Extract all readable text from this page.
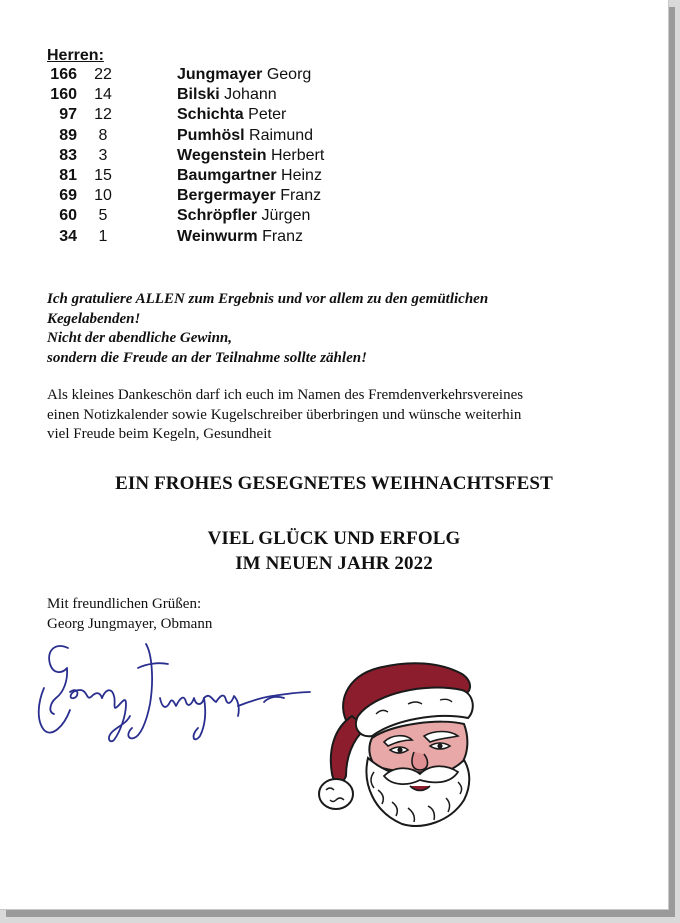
Herren:
166	22	Jungmayer Georg
160	14	Bilski Johann
97	12	Schichta Peter
89	8	Pumhösl Raimund
83	3	Wegenstein Herbert
81	15	Baumgartner Heinz
69	10	Bergermayer Franz
60	5	Schröpfler Jürgen
34	1	Weinwurm Franz
Ich gratuliere ALLEN zum Ergebnis und vor allem zu den gemütlichen
Kegelabenden!
Nicht der abendliche Gewinn,
sondern die Freude an der Teilnahme sollte zählen!
Als kleines Dankeschön darf ich euch im Namen des Fremdenverkehrsvereines
einen Notizkalender sowie Kugelschreiber überbringen und wünsche weiterhin
viel Freude beim Kegeln, Gesundheit
EIN FROHES GESEGNETES WEIHNACHTSFEST
VIEL GLÜCK UND ERFOLG
IM NEUEN JAHR 2022
Mit freundlichen Grüßen:
Georg Jungmayer, Obmann
